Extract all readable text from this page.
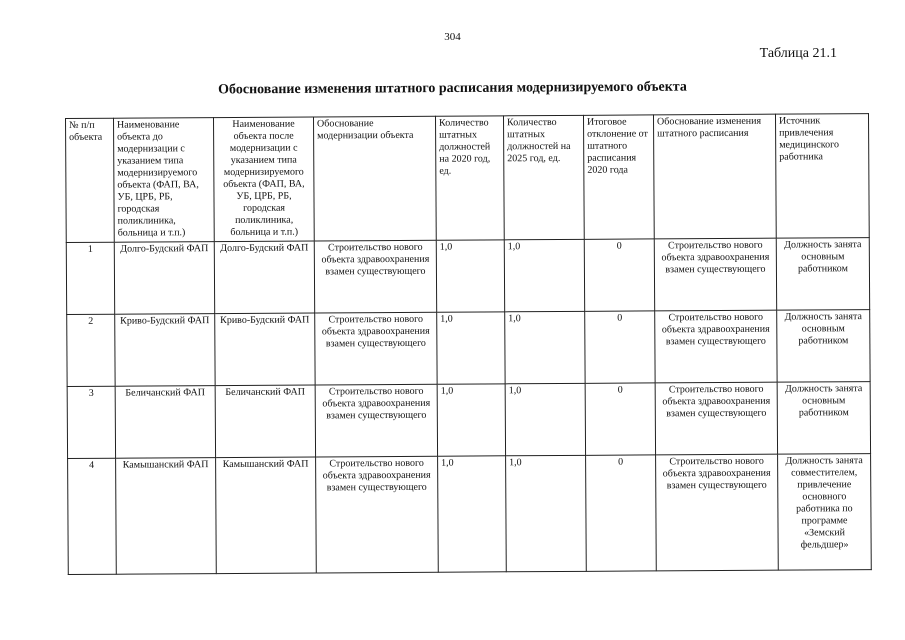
304
Таблица 21.1
Обоснование изменения штатного расписания модернизируемого объекта
№ п/п объекта	Наименование объекта до модернизации с указанием типа модернизируемого объекта (ФАП, ВА, УБ, ЦРБ, РБ, городская поликлиника, больница и т.п.)	Наименование объекта после модернизации с указанием типа модернизируемого объекта (ФАП, ВА, УБ, ЦРБ, РБ, городская поликлиника, больница и т.п.)	Обоснование модернизации объекта	Количество штатных должностей на 2020 год, ед.	Количество штатных должностей на 2025 год, ед.	Итоговое отклонение от штатного расписания 2020 года	Обоснование изменения штатного расписания	Источник привлечения медицинского работника
1	Долго-Будский ФАП	Долго-Будский ФАП	Строительство нового объекта здравоохранения взамен существующего	1,0	1,0	0	Строительство нового объекта здравоохранения взамен существующего	Должность занята основным работником
2	Криво-Будский ФАП	Криво-Будский ФАП	Строительство нового объекта здравоохранения взамен существующего	1,0	1,0	0	Строительство нового объекта здравоохранения взамен существующего	Должность занята основным работником
3	Беличанский ФАП	Беличанский ФАП	Строительство нового объекта здравоохранения взамен существующего	1,0	1,0	0	Строительство нового объекта здравоохранения взамен существующего	Должность занята основным работником
4	Камышанский ФАП	Камышанский ФАП	Строительство нового объекта здравоохранения взамен существующего	1,0	1,0	0	Строительство нового объекта здравоохранения взамен существующего	Должность занята совместителем, привлечение основного работника по программе «Земский фельдшер»
